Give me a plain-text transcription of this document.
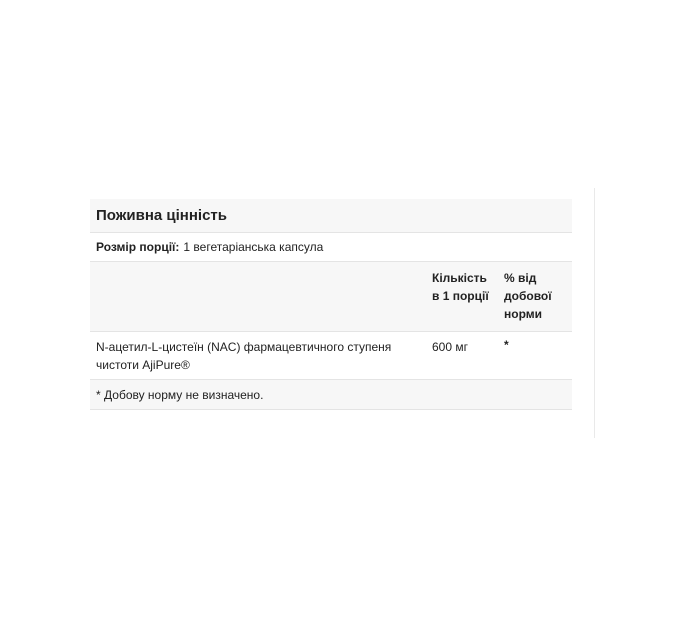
Поживна цінність
Розмір порції: 1 вегетаріанська капсула
Кількість
в 1 порції
% від
добової
норми
N-ацетил-L-цистеїн (NAC) фармацевтичного ступеня
чистоти AjiPure®
600 мг	*
* Добову норму не визначено.
